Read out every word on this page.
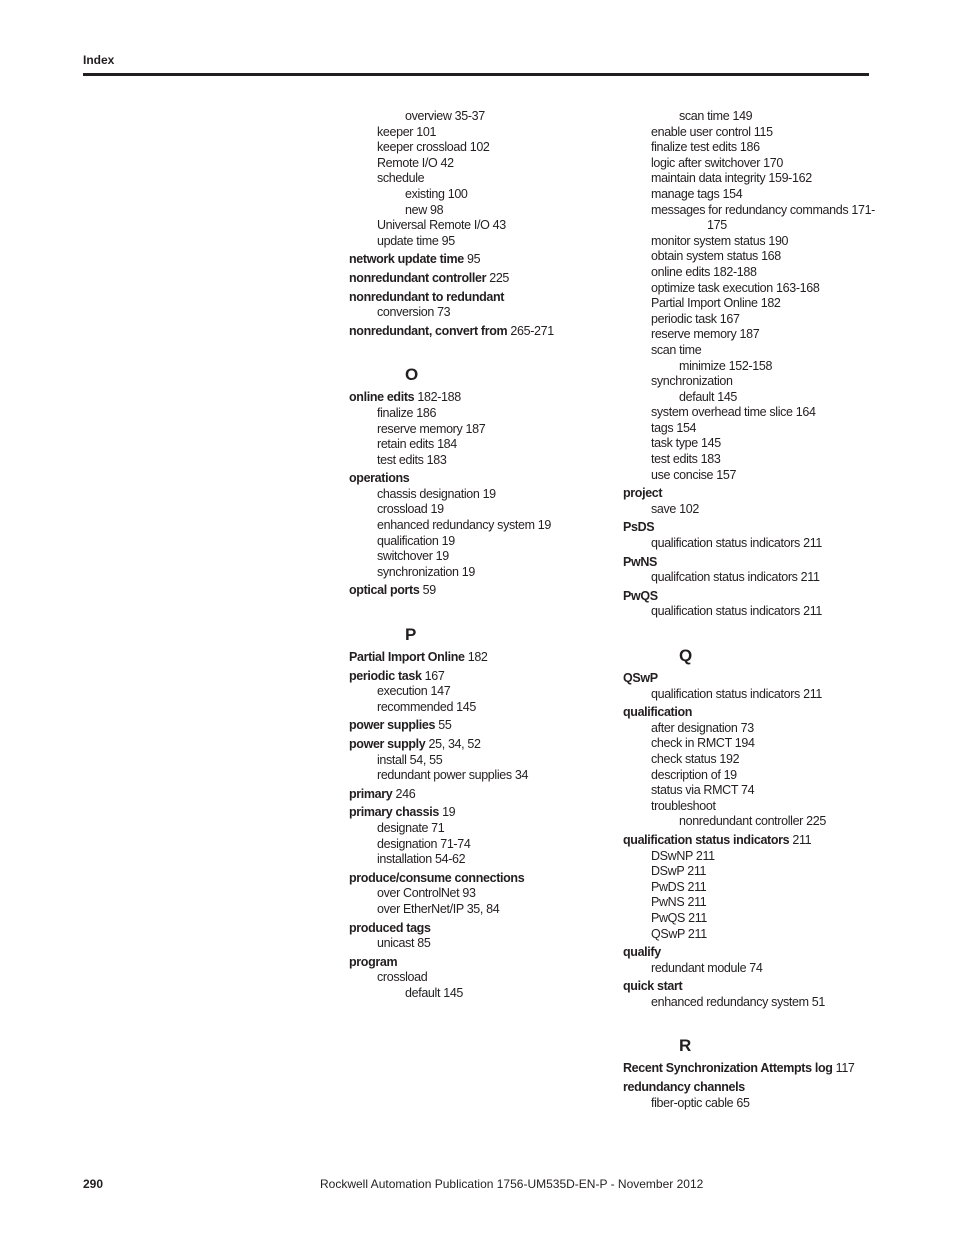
Index
overview 35-37
keeper 101
keeper crossload 102
Remote I/O 42
schedule
existing 100
new 98
Universal Remote I/O 43
update time 95
network update time 95
nonredundant controller 225
nonredundant to redundant
conversion 73
nonredundant, convert from 265-271
O
online edits 182-188
finalize 186
reserve memory 187
retain edits 184
test edits 183
operations
chassis designation 19
crossload 19
enhanced redundancy system 19
qualification 19
switchover 19
synchronization 19
optical ports 59
P
Partial Import Online 182
periodic task 167
execution 147
recommended 145
power supplies 55
power supply 25, 34, 52
install 54, 55
redundant power supplies 34
primary 246
primary chassis 19
designate 71
designation 71-74
installation 54-62
produce/consume connections
over ControlNet 93
over EtherNet/IP 35, 84
produced tags
unicast 85
program
crossload
default 145
scan time 149
enable user control 115
finalize test edits 186
logic after switchover 170
maintain data integrity 159-162
manage tags 154
messages for redundancy commands 171-
175
monitor system status 190
obtain system status 168
online edits 182-188
optimize task execution 163-168
Partial Import Online 182
periodic task 167
reserve memory 187
scan time
minimize 152-158
synchronization
default 145
system overhead time slice 164
tags 154
task type 145
test edits 183
use concise 157
project
save 102
PsDS
qualification status indicators 211
PwNS
qualifcation status indicators 211
PwQS
qualification status indicators 211
Q
QSwP
qualification status indicators 211
qualification
after designation 73
check in RMCT 194
check status 192
description of 19
status via RMCT 74
troubleshoot
nonredundant controller 225
qualification status indicators 211
DSwNP 211
DSwP 211
PwDS 211
PwNS 211
PwQS 211
QSwP 211
qualify
redundant module 74
quick start
enhanced redundancy system 51
R
Recent Synchronization Attempts log 117
redundancy channels
fiber-optic cable 65
290	Rockwell Automation Publication 1756-UM535D-EN-P - November 2012
